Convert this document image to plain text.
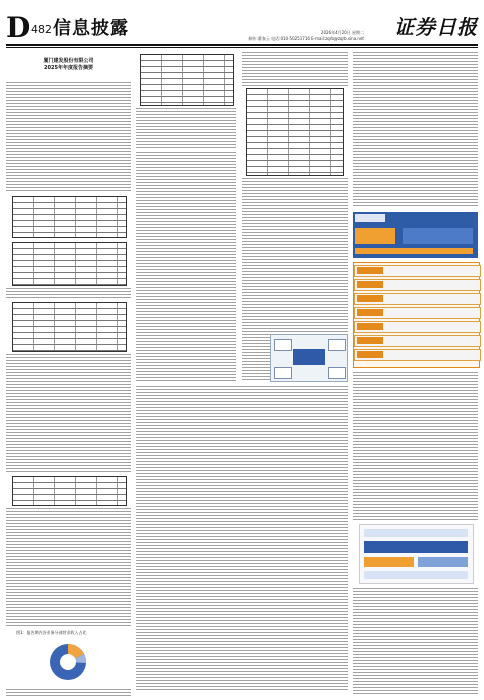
D 482 信息披露	2026年4月20日 星期二
制作:董春云 电话:010-50251716 E-mail:zqrb@zqrb.sina.net 证券日报
厦门建发股份有限公司
2025年年度报告摘要
图1：报告期内各业务分部营业收入占比
